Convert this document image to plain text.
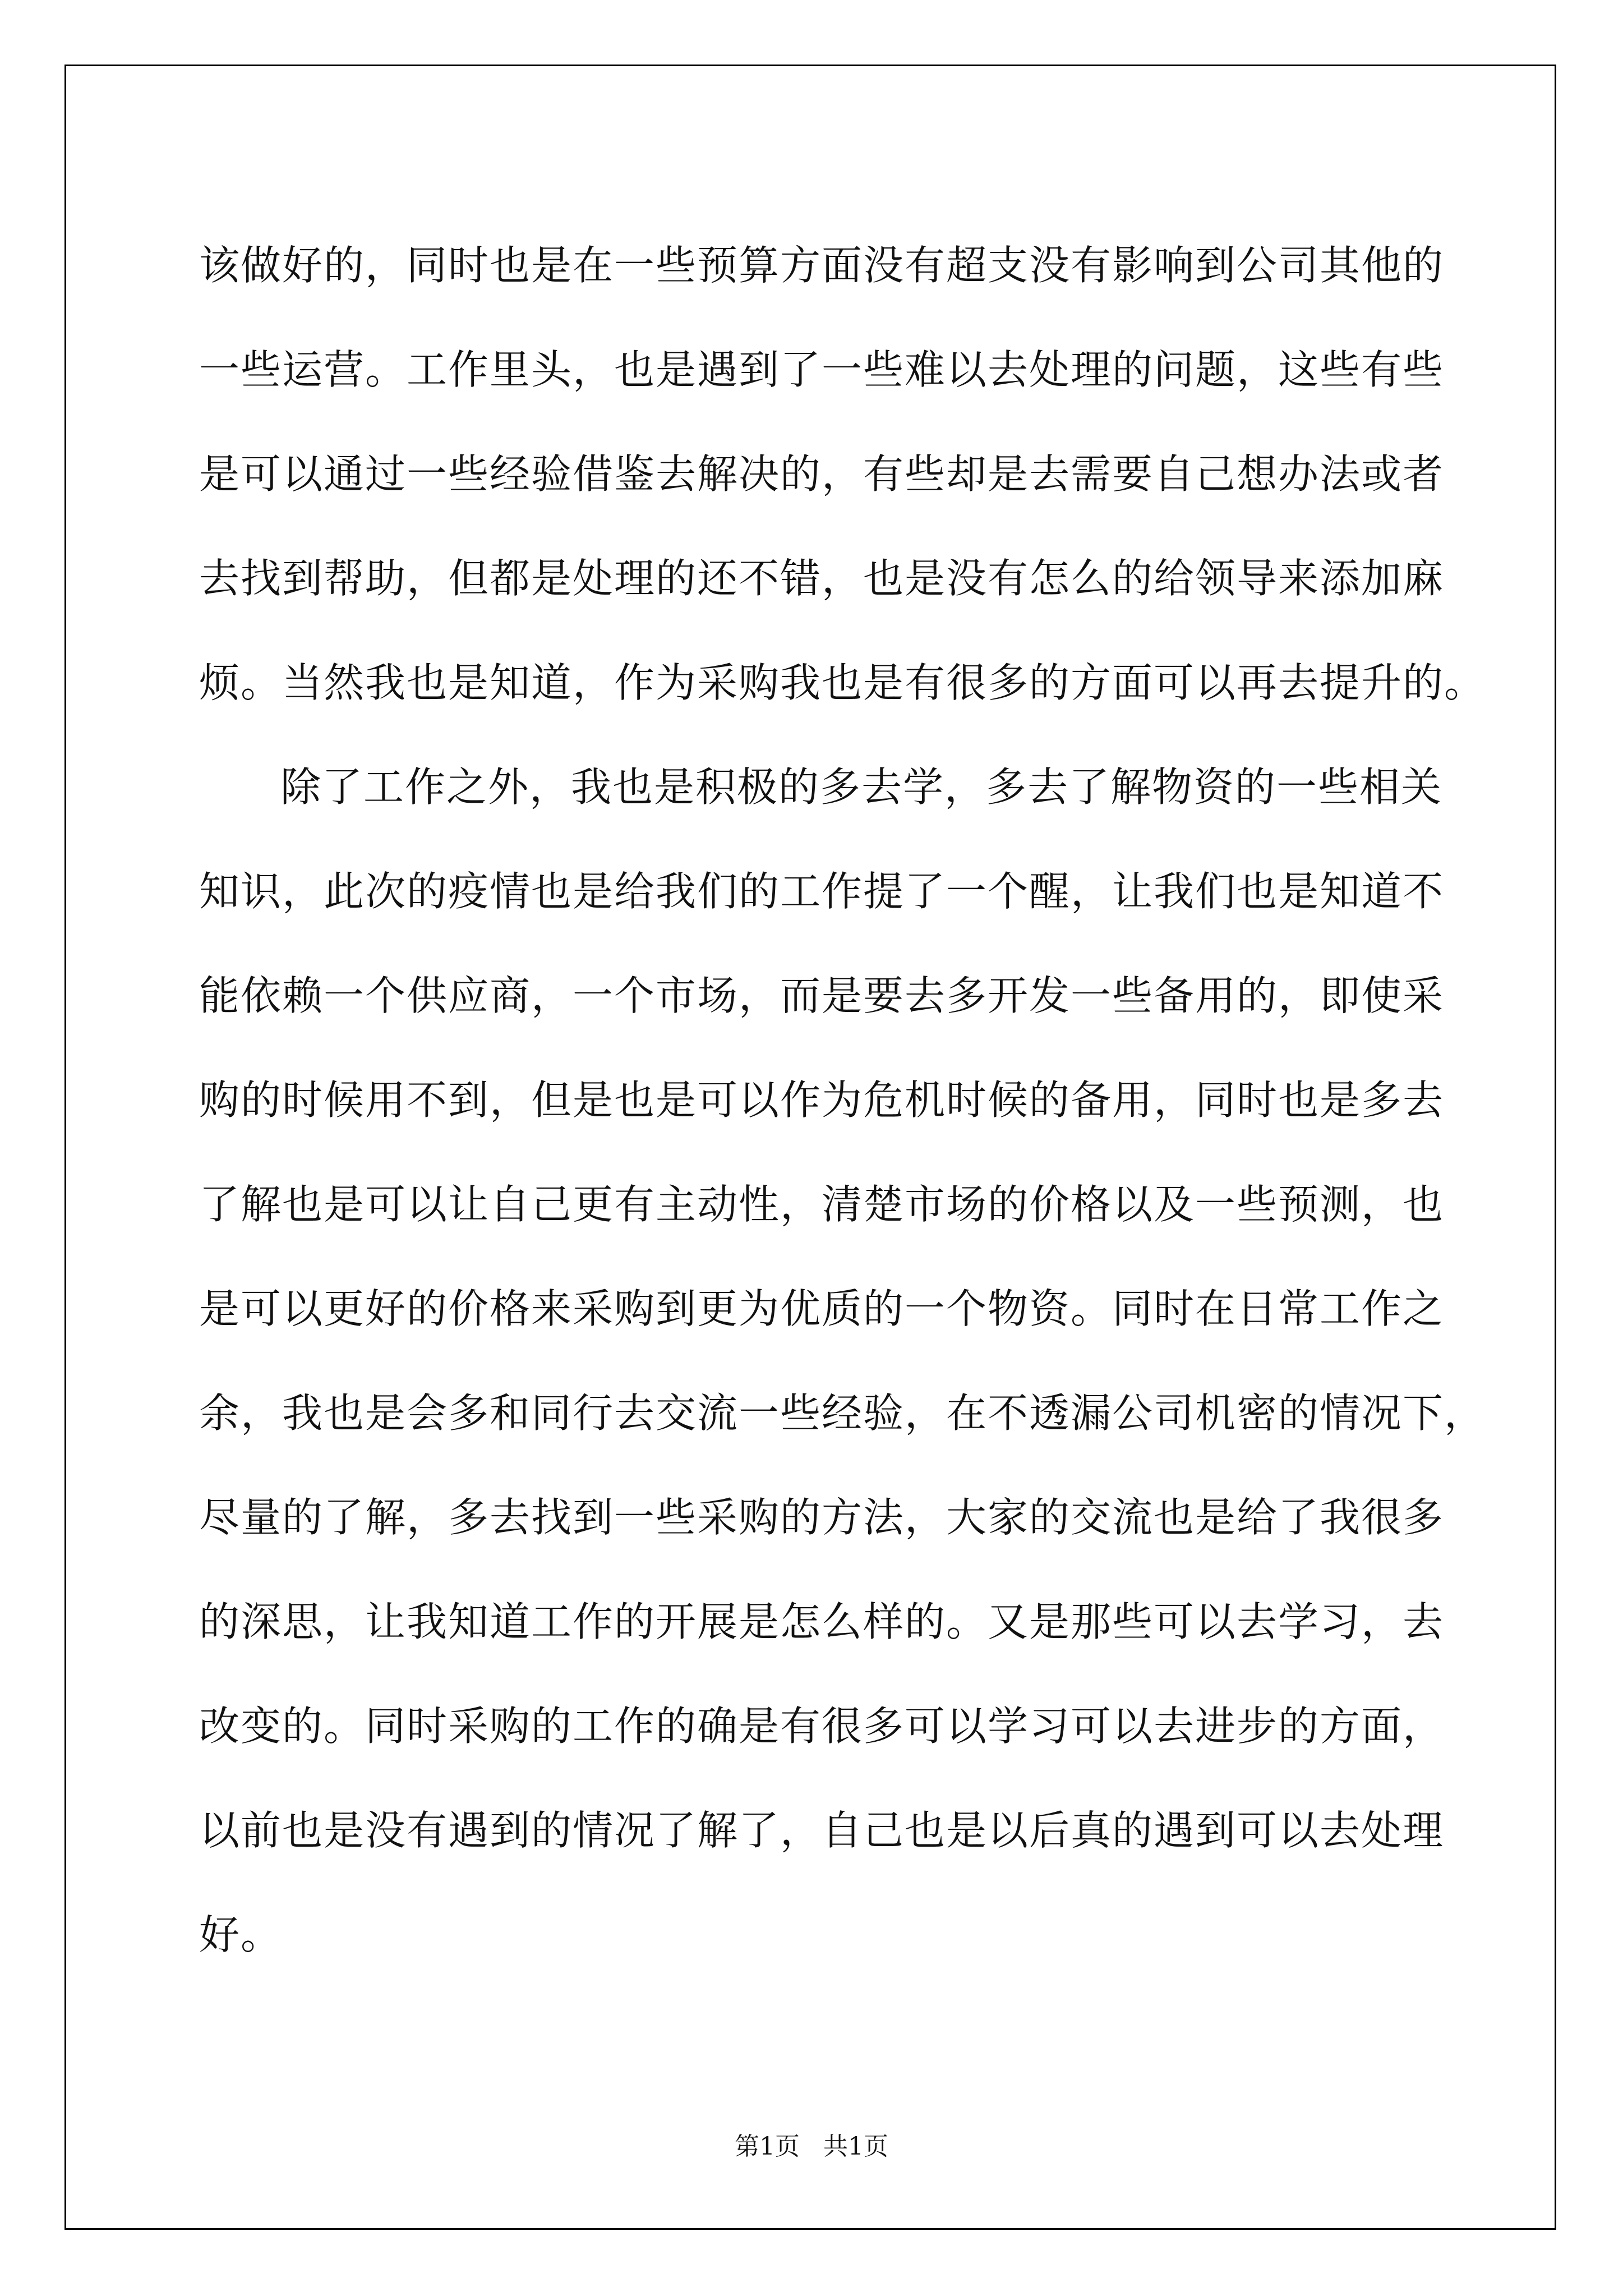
该做好的，同时也是在一些预算方面没有超支没有影响到公司其他的
一些运营。工作里头，也是遇到了一些难以去处理的问题，这些有些
是可以通过一些经验借鉴去解决的，有些却是去需要自己想办法或者
去找到帮助，但都是处理的还不错，也是没有怎么的给领导来添加麻
烦。当然我也是知道，作为采购我也是有很多的方面可以再去提升的。
除了工作之外，我也是积极的多去学，多去了解物资的一些相关
知识，此次的疫情也是给我们的工作提了一个醒，让我们也是知道不
能依赖一个供应商，一个市场，而是要去多开发一些备用的，即使采
购的时候用不到，但是也是可以作为危机时候的备用，同时也是多去
了解也是可以让自己更有主动性，清楚市场的价格以及一些预测，也
是可以更好的价格来采购到更为优质的一个物资。同时在日常工作之
余，我也是会多和同行去交流一些经验，在不透漏公司机密的情况下，
尽量的了解，多去找到一些采购的方法，大家的交流也是给了我很多
的深思，让我知道工作的开展是怎么样的。又是那些可以去学习，去
改变的。同时采购的工作的确是有很多可以学习可以去进步的方面，
以前也是没有遇到的情况了解了，自己也是以后真的遇到可以去处理
好。
第1页   共1页
